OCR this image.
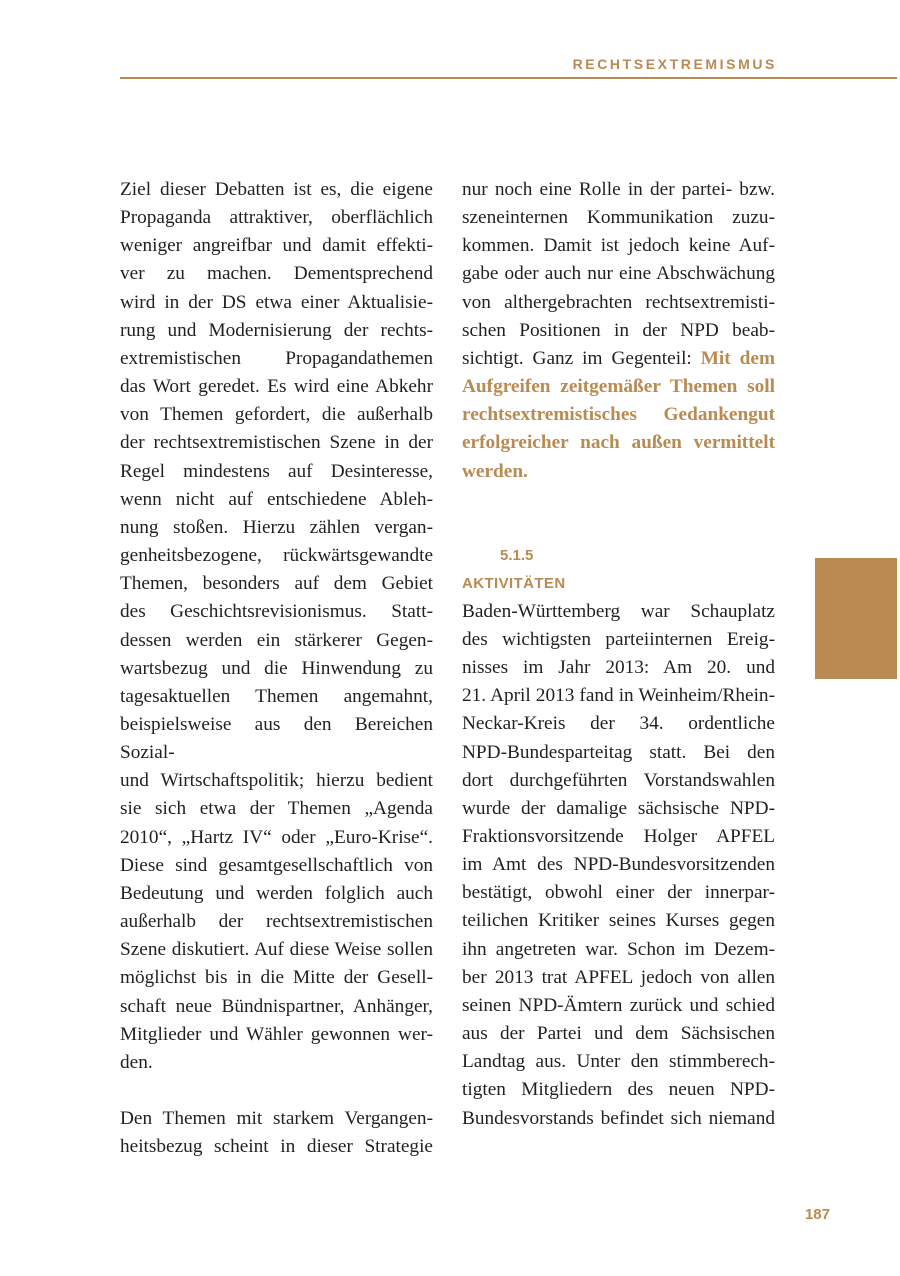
RECHTSEXTREMISMUS

Ziel dieser Debatten ist es, die eigene
Propaganda attraktiver, oberflächlich
weniger angreifbar und damit effekti-
ver zu machen. Dementsprechend
wird in der DS etwa einer Aktualisie-
rung und Modernisierung der rechts-
extremistischen Propagandathemen
das Wort geredet. Es wird eine Abkehr
von Themen gefordert, die außerhalb
der rechtsextremistischen Szene in der
Regel mindestens auf Desinteresse,
wenn nicht auf entschiedene Ableh-
nung stoßen. Hierzu zählen vergan-
genheitsbezogene, rückwärtsgewandte
Themen, besonders auf dem Gebiet
des Geschichtsrevisionismus. Statt-
dessen werden ein stärkerer Gegen-
wartsbezug und die Hinwendung zu
tagesaktuellen Themen angemahnt,
beispielsweise aus den Bereichen Sozial-
und Wirtschaftspolitik; hierzu bedient
sie sich etwa der Themen „Agenda
2010“, „Hartz IV“ oder „Euro-Krise“.
Diese sind gesamtgesellschaftlich von
Bedeutung und werden folglich auch
außerhalb der rechtsextremistischen
Szene diskutiert. Auf diese Weise sollen
möglichst bis in die Mitte der Gesell-
schaft neue Bündnispartner, Anhänger,
Mitglieder und Wähler gewonnen wer-
den.

Den Themen mit starkem Vergangen-
heitsbezug scheint in dieser Strategie

nur noch eine Rolle in der partei- bzw.
szeneinternen Kommunikation zuzu-
kommen. Damit ist jedoch keine Auf-
gabe oder auch nur eine Abschwächung
von althergebrachten rechtsextremisti-
schen Positionen in der NPD beab-
sichtigt. Ganz im Gegenteil: Mit dem
Aufgreifen zeitgemäßer Themen soll
rechtsextremistisches Gedankengut
erfolgreicher nach außen vermittelt
werden.

5.1.5
AKTIVITÄTEN

Baden-Württemberg war Schauplatz
des wichtigsten parteiinternen Ereig-
nisses im Jahr 2013: Am 20. und
21. April 2013 fand in Weinheim/Rhein-
Neckar-Kreis der 34. ordentliche
NPD-Bundesparteitag statt. Bei den
dort durchgeführten Vorstandswahlen
wurde der damalige sächsische NPD-
Fraktionsvorsitzende Holger APFEL
im Amt des NPD-Bundesvorsitzenden
bestätigt, obwohl einer der innerpar-
teilichen Kritiker seines Kurses gegen
ihn angetreten war. Schon im Dezem-
ber 2013 trat APFEL jedoch von allen
seinen NPD-Ämtern zurück und schied
aus der Partei und dem Sächsischen
Landtag aus. Unter den stimmberech-
tigten Mitgliedern des neuen NPD-
Bundesvorstands befindet sich niemand

187
